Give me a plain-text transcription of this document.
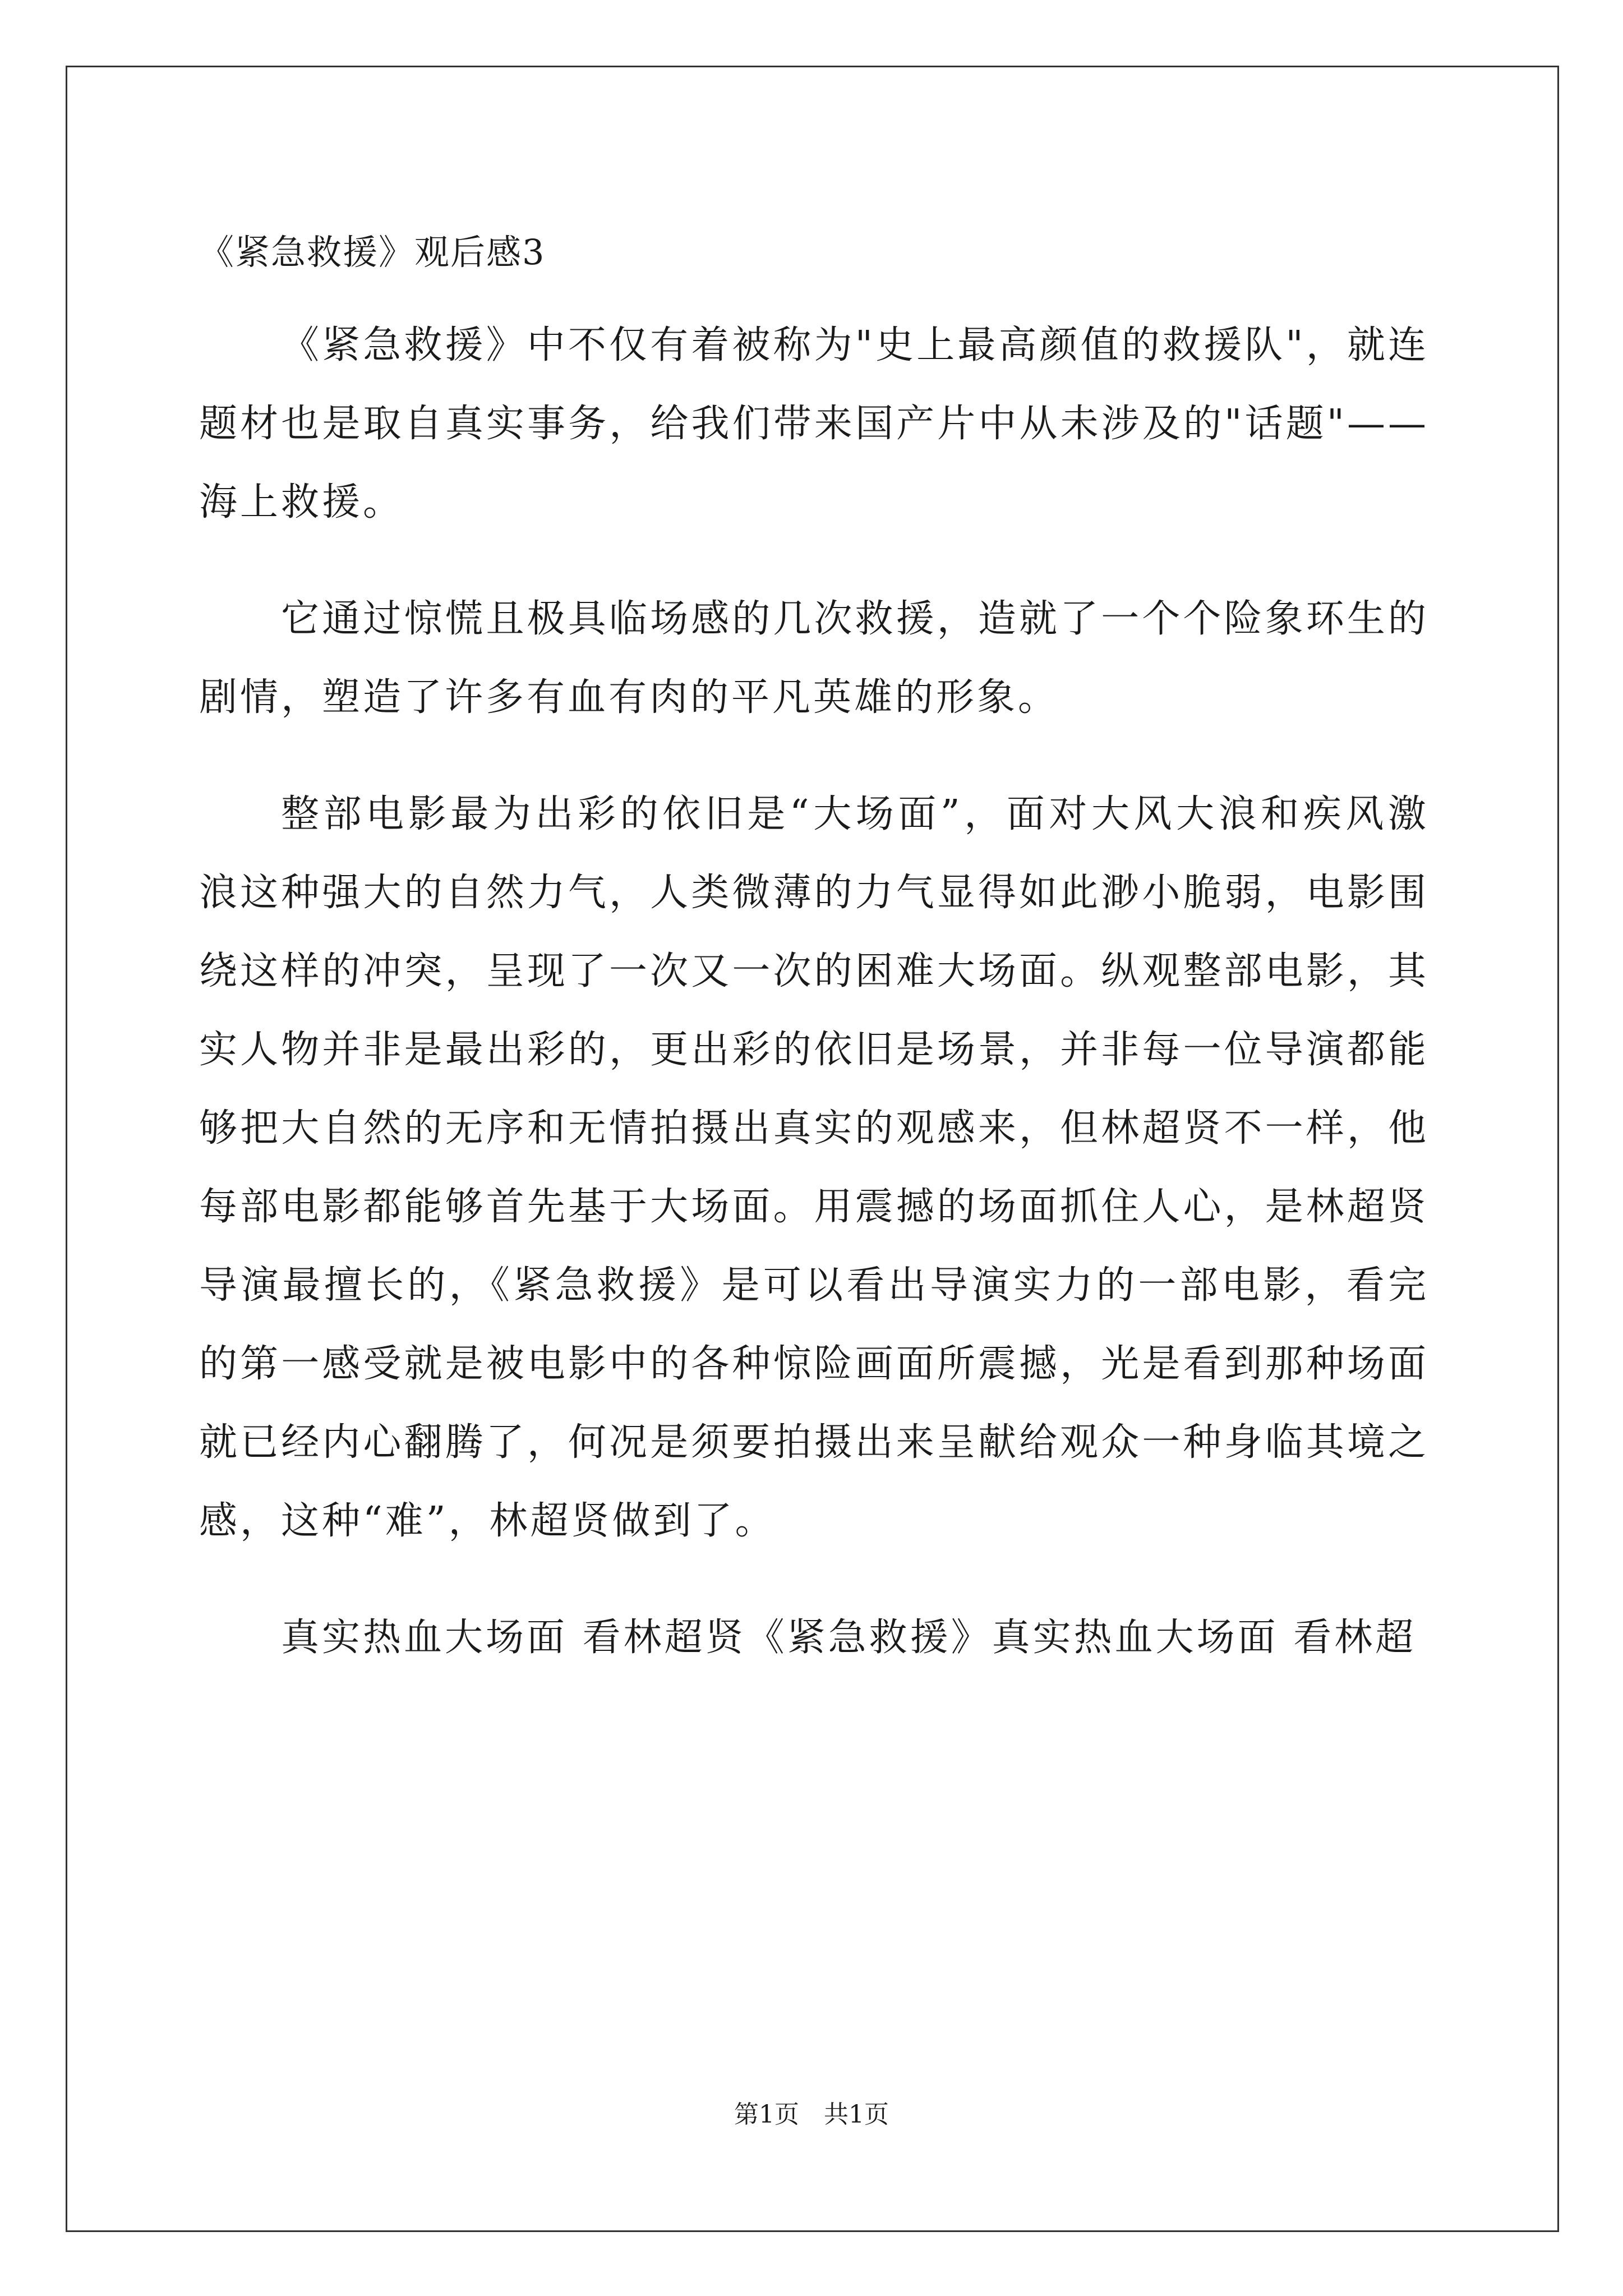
《紧急救援》观后感3

《紧急救援》中不仅有着被称为"史上最高颜值的救援队"，就连题材也是取自真实事务，给我们带来国产片中从未涉及的"话题"——海上救援。

它通过惊慌且极具临场感的几次救援，造就了一个个险象环生的剧情，塑造了许多有血有肉的平凡英雄的形象。

整部电影最为出彩的依旧是“大场面”，面对大风大浪和疾风激浪这种强大的自然力气，人类微薄的力气显得如此渺小脆弱，电影围绕这样的冲突，呈现了一次又一次的困难大场面。纵观整部电影，其实人物并非是最出彩的，更出彩的依旧是场景，并非每一位导演都能够把大自然的无序和无情拍摄出真实的观感来，但林超贤不一样，他每部电影都能够首先基于大场面。用震撼的场面抓住人心，是林超贤导演最擅长的，《紧急救援》是可以看出导演实力的一部电影，看完的第一感受就是被电影中的各种惊险画面所震撼，光是看到那种场面就已经内心翻腾了，何况是须要拍摄出来呈献给观众一种身临其境之感，这种“难”，林超贤做到了。

真实热血大场面 看林超贤《紧急救援》真实热血大场面 看林超

第1页　共1页
